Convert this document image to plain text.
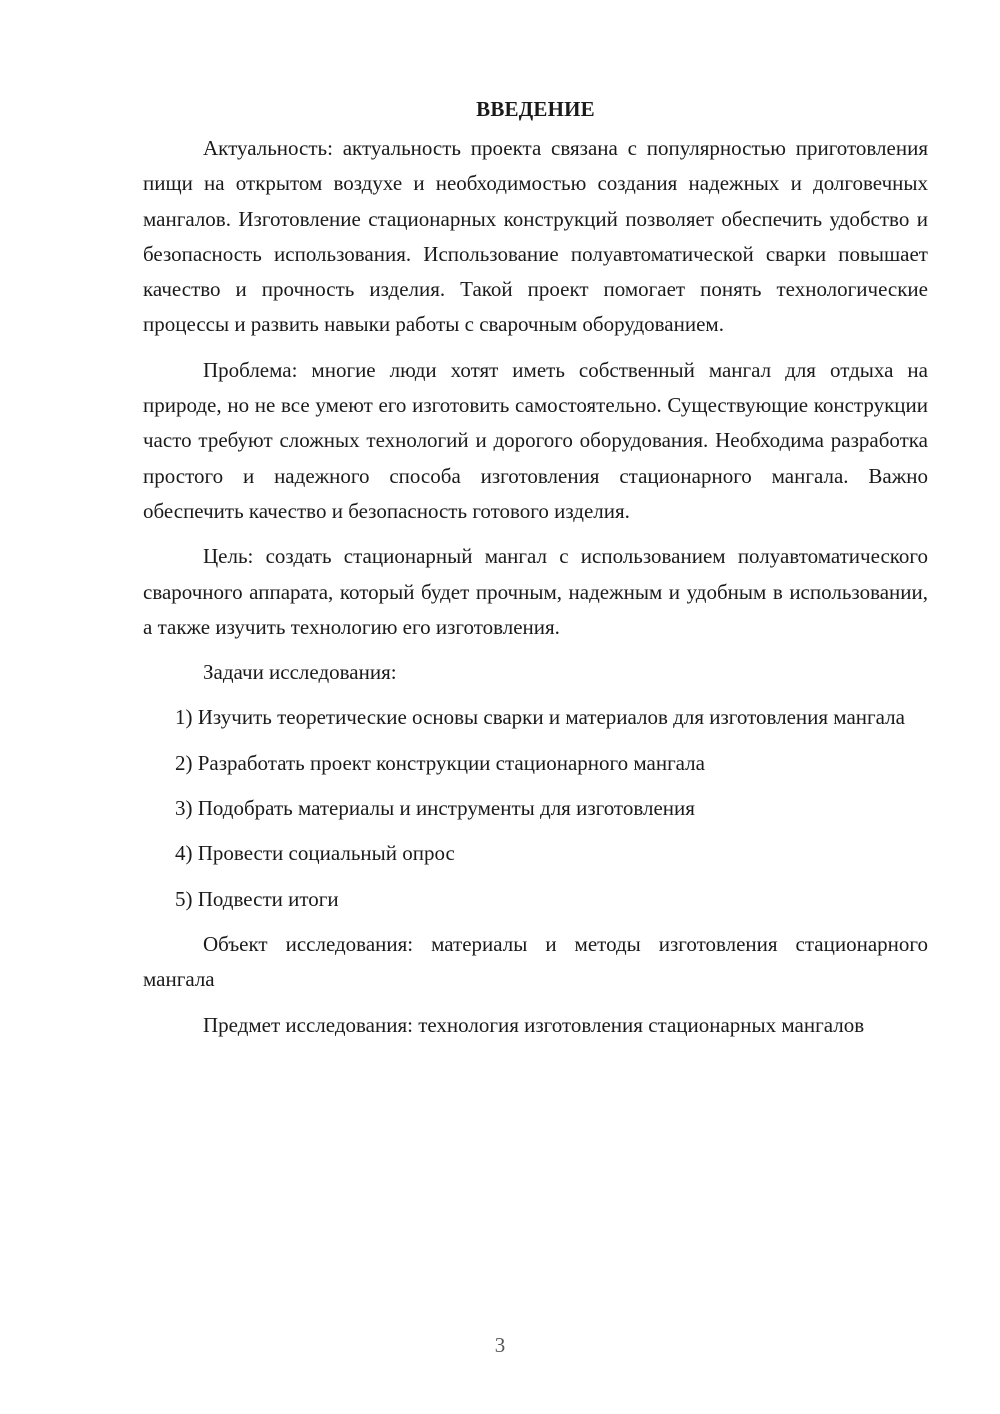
ВВЕДЕНИЕ

Актуальность: актуальность проекта связана с популярностью приготовления пищи на открытом воздухе и необходимостью создания надежных и долговечных мангалов. Изготовление стационарных конструкций позволяет обеспечить удобство и безопасность использования. Использование полуавтоматической сварки повышает качество и прочность изделия. Такой проект помогает понять технологические процессы и развить навыки работы с сварочным оборудованием.

Проблема: многие люди хотят иметь собственный мангал для отдыха на природе, но не все умеют его изготовить самостоятельно. Существующие конструкции часто требуют сложных технологий и дорогого оборудования. Необходима разработка простого и надежного способа изготовления стационарного мангала. Важно обеспечить качество и безопасность готового изделия.

Цель: создать стационарный мангал с использованием полуавтоматического сварочного аппарата, который будет прочным, надежным и удобным в использовании, а также изучить технологию его изготовления.

Задачи исследования:

1) Изучить теоретические основы сварки и материалов для изготовления мангала

2) Разработать проект конструкции стационарного мангала

3) Подобрать материалы и инструменты для изготовления

4) Провести социальный опрос

5) Подвести итоги

Объект исследования: материалы и методы изготовления стационарного мангала

Предмет исследования: технология изготовления стационарных мангалов

3
